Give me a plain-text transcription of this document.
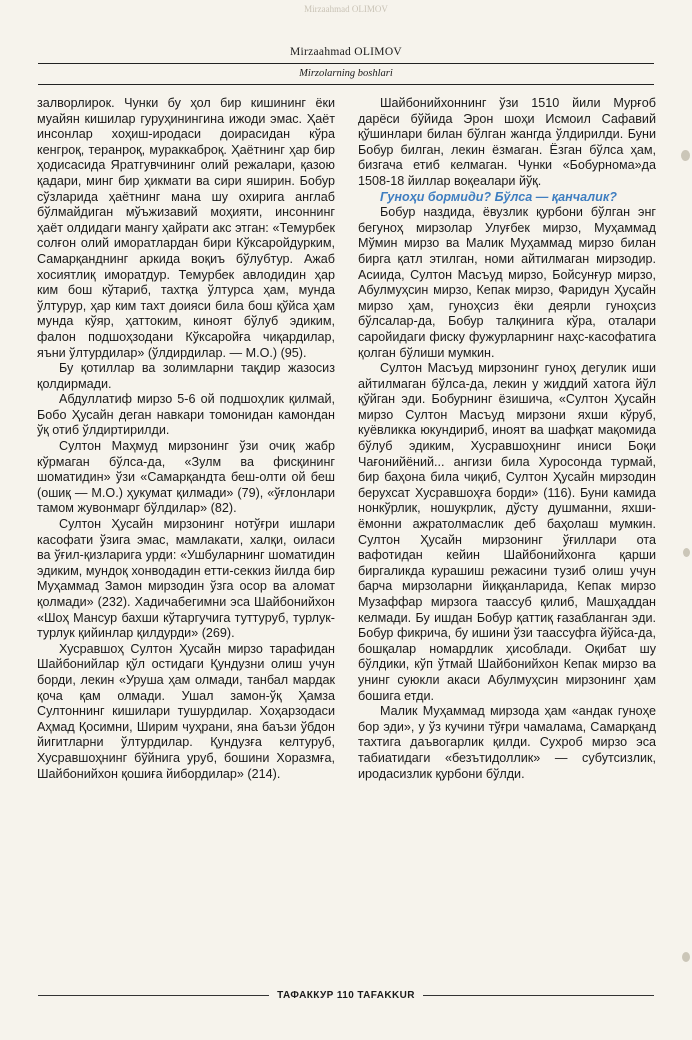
Mirzaahmad OLIMOV
Mirzaahmad OLIMOV
Mirzolarning boshlari

залворлирок. Чунки бу ҳол бир кишининг ёки муайян кишилар гуруҳинингина ижоди эмас. Ҳаёт инсонлар хоҳиш-иродаси доирасидан кўра кенгроқ, теранроқ, мураккаброқ. Ҳаётнинг ҳар бир ҳодисасида Яратгувчининг олий режалари, қазою қадари, минг бир ҳикмати ва сири яширин. Бобур сўзларида ҳаётнинг мана шу охирига англаб бўлмайдиган мўъжизавий моҳияти, инсоннинг ҳаёт олдидаги мангу ҳайрати акс этган: «Темурбек солғон олий иморатлардан бири Кўксаройдурким, Самарқанднинг аркида воқиъ бўлубтур. Ажаб хосиятлиқ иморатдур. Темурбек авлодидин ҳар ким бош кўтариб, тахтқа ўлтурса ҳам, мунда ўлтурур, ҳар ким тахт доияси била бош қўйса ҳам мунда кўяр, ҳаттоким, киноят бўлуб эдиким, фалон подшоҳзодани Кўксаройға чиқардилар, яъни ўлтурдилар» (ўлдирдилар. — М.О.) (95).

Бу қотиллар ва золимларни тақдир жазосиз қолдирмади.

Абдуллатиф мирзо 5-6 ой подшоҳлик қилмай, Бобо Ҳусайн деган навкари томонидан камондан ўқ отиб ўлдиртирилди.

Султон Маҳмуд мирзонинг ўзи очиқ жабр кўрмаган бўлса-да, «Зулм ва фисқининг шоматидин» ўзи «Самарқандта беш-олти ой беш (ошиқ — М.О.) ҳукумат қилмади» (79), «ўғлонлари тамом жувонмарг бўлдилар» (82).

Султон Ҳусайн мирзонинг нотўғри ишлари касофати ўзига эмас, мамлакати, халқи, оиласи ва ўғил-қизларига урди: «Ушбуларнинг шоматидин эдиким, мундоқ хонводадин етти-секкиз йилда бир Муҳаммад Замон мирзодин ўзга осор ва аломат қолмади» (232). Хадичабегимни эса Шайбонийхон «Шоҳ Мансур бахши кўтаргучига туттуруб, турлук-турлук қийинлар қилдурди» (269).

Хусравшоҳ Султон Ҳусайн мирзо тарафидан Шайбонийлар қўл остидаги Қундузни олиш учун борди, лекин «Уруша ҳам олмади, танбал мардак қоча қам олмади. Ушал замон-ўқ Ҳамза Султоннинг кишилари тушурдилар. Хоҳарзодаси Аҳмад Қосимни, Ширим чуҳрани, яна баъзи ўбдон йигитларни ўлтурдилар. Қундузға келтуруб, Хусравшоҳнинг бўйнига уруб, бошини Хоразмға, Шайбонийхон қошиға йибордилар» (214).

Шайбонийхоннинг ўзи 1510 йили Мурғоб дарёси бўйида Эрон шоҳи Исмоил Сафавий қўшинлари билан бўлган жангда ўлдирилди. Буни Бобур билган, лекин ёзмаган. Ёзган бўлса ҳам, бизгача етиб келмаган. Чунки «Бобурнома»да 1508-18 йиллар воқеалари йўқ.

Гуноҳи бормиди? Бўлса — қанчалик?

Бобур наздида, ёвузлик қурбони бўлган энг бегуноҳ мирзолар Улуғбек мирзо, Муҳаммад Мўмин мирзо ва Малик Муҳаммад мирзо билан бирга қатл этилган, номи айтилмаган мирзодир. Асиида, Султон Масъуд мирзо, Бойсунғур мирзо, Абулмуҳсин мирзо, Кепак мирзо, Фаридун Ҳусайн мирзо ҳам, гуноҳсиз ёки деярли гуноҳсиз бўлсалар-да, Бобур талқинига кўра, оталари саройидаги фиску фужурларнинг наҳс-касофатига қолган бўлиши мумкин.

Султон Масъуд мирзонинг гуноҳ дегулик иши айтилмаган бўлса-да, лекин у жиддий хатога йўл қўйган эди. Бобурнинг ёзишича, «Султон Ҳусайн мирзо Султон Масъуд мирзони яхши кўруб, куёвликка юкундириб, иноят ва шафқат мақомида бўлуб эдиким, Хусравшоҳнинг иниси Боқи Чағонийёний... ангизи била Хуросонда турмай, бир баҳона била чиқиб, Султон Ҳусайн мирзодин берухсат Хусравшоҳға борди» (116). Буни камида нонкўрлик, ношукрлик, дўсту душманни, яхши-ёмонни ажратолмаслик деб баҳолаш мумкин. Султон Ҳусайн мирзонинг ўғиллари ота вафотидан кейин Шайбонийхонга қарши биргаликда курашиш режасини тузиб олиш учун барча мирзоларни йиққанларида, Кепак мирзо Музаффар мирзога таассуб қилиб, Машҳаддан келмади. Бу ишдан Бобур қаттиқ ғазабланган эди. Бобур фикрича, бу ишини ўзи таассуфга йўйса-да, бошқалар номардлик ҳисоблади. Оқибат шу бўлдики, кўп ўтмай Шайбонийхон Кепак мирзо ва унинг суюкли акаси Абулмуҳсин мирзонинг ҳам бошига етди.

Малик Муҳаммад мирзода ҳам «андак гуноҳе бор эди», у ўз кучини тўғри чамалама, Самарқанд тахтига даъвогарлик қилди. Сухроб мирзо эса табиатидаги «безътидоллик» — субутсизлик, иродасизлик қурбони бўлди.

ТАФАККУР 110 TAFAKKUR
